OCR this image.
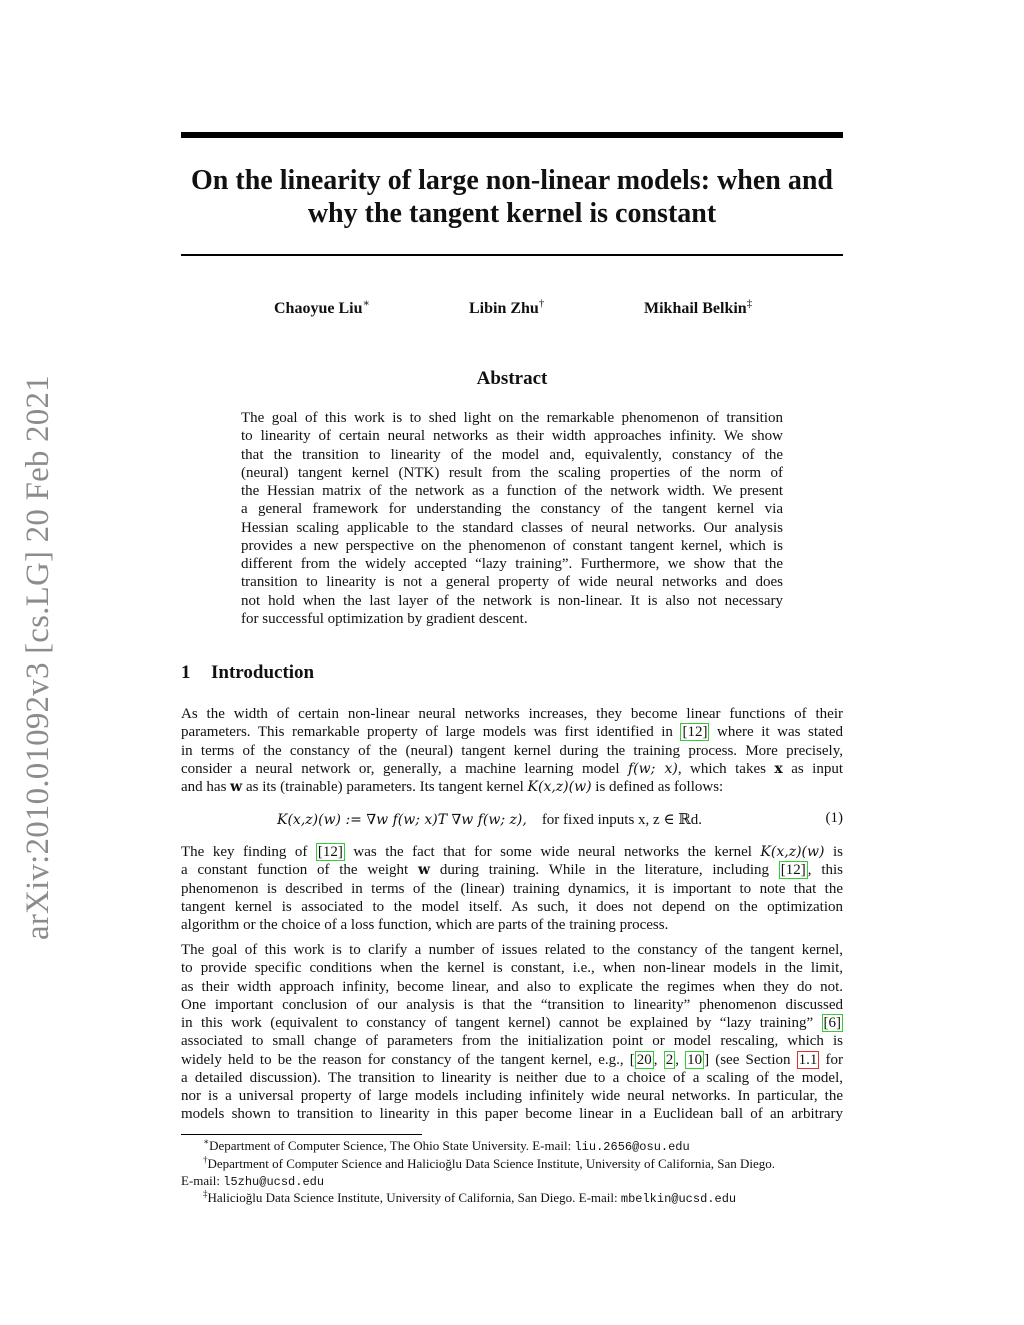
On the linearity of large non-linear models: when and
why the tangent kernel is constant
Chaoyue Liu∗	Libin Zhu†	Mikhail Belkin‡
arXiv:2010.01092v3 [cs.LG] 20 Feb 2021	Abstract
The goal of this work is to shed light on the remarkable phenomenon of transition
to linearity of certain neural networks as their width approaches infinity. We show
that the transition to linearity of the model and, equivalently, constancy of the
(neural) tangent kernel (NTK) result from the scaling properties of the norm of
the Hessian matrix of the network as a function of the network width. We present
a general framework for understanding the constancy of the tangent kernel via
Hessian scaling applicable to the standard classes of neural networks. Our analysis
provides a new perspective on the phenomenon of constant tangent kernel, which is
different from the widely accepted “lazy training”. Furthermore, we show that the
transition to linearity is not a general property of wide neural networks and does
not hold when the last layer of the network is non-linear. It is also not necessary
for successful optimization by gradient descent.
1 Introduction
As the width of certain non-linear neural networks increases, they become linear functions of their
parameters. This remarkable property of large models was first identified in [12] where it was stated
in terms of the constancy of the (neural) tangent kernel during the training process. More precisely,
consider a neural network or, generally, a machine learning model f(w; x), which takes x as input
and has w as its (trainable) parameters. Its tangent kernel K(x,z)(w) is defined as follows:
K(x,z)(w) := ∇w f(w; x)T ∇w f(w; z), for fixed inputs x, z ∈ ℝd.	(1)
The key finding of [12] was the fact that for some wide neural networks the kernel K(x,z)(w) is
a constant function of the weight w during training. While in the literature, including [12] , this
phenomenon is described in terms of the (linear) training dynamics, it is important to note that the
tangent kernel is associated to the model itself. As such, it does not depend on the optimization
algorithm or the choice of a loss function, which are parts of the training process.
The goal of this work is to clarify a number of issues related to the constancy of the tangent kernel,
to provide specific conditions when the kernel is constant, i.e., when non-linear models in the limit,
as their width approach infinity, become linear, and also to explicate the regimes when they do not.
One important conclusion of our analysis is that the “transition to linearity” phenomenon discussed
in this work (equivalent to constancy of tangent kernel) cannot be explained by “lazy training” [6]
associated to small change of parameters from the initialization point or model rescaling, which is
widely held to be the reason for constancy of the tangent kernel, e.g., [ 20 , 2 , 10 ] (see Section 1.1 for
a detailed discussion). The transition to linearity is neither due to a choice of a scaling of the model,
nor is a universal property of large models including infinitely wide neural networks. In particular, the
models shown to transition to linearity in this paper become linear in a Euclidean ball of an arbitrary
∗Department of Computer Science, The Ohio State University. E-mail: liu.2656@osu.edu
†Department of Computer Science and Halicioğlu Data Science Institute, University of California, San Diego.
E-mail: l5zhu@ucsd.edu
‡Halicioğlu Data Science Institute, University of California, San Diego. E-mail: mbelkin@ucsd.edu
